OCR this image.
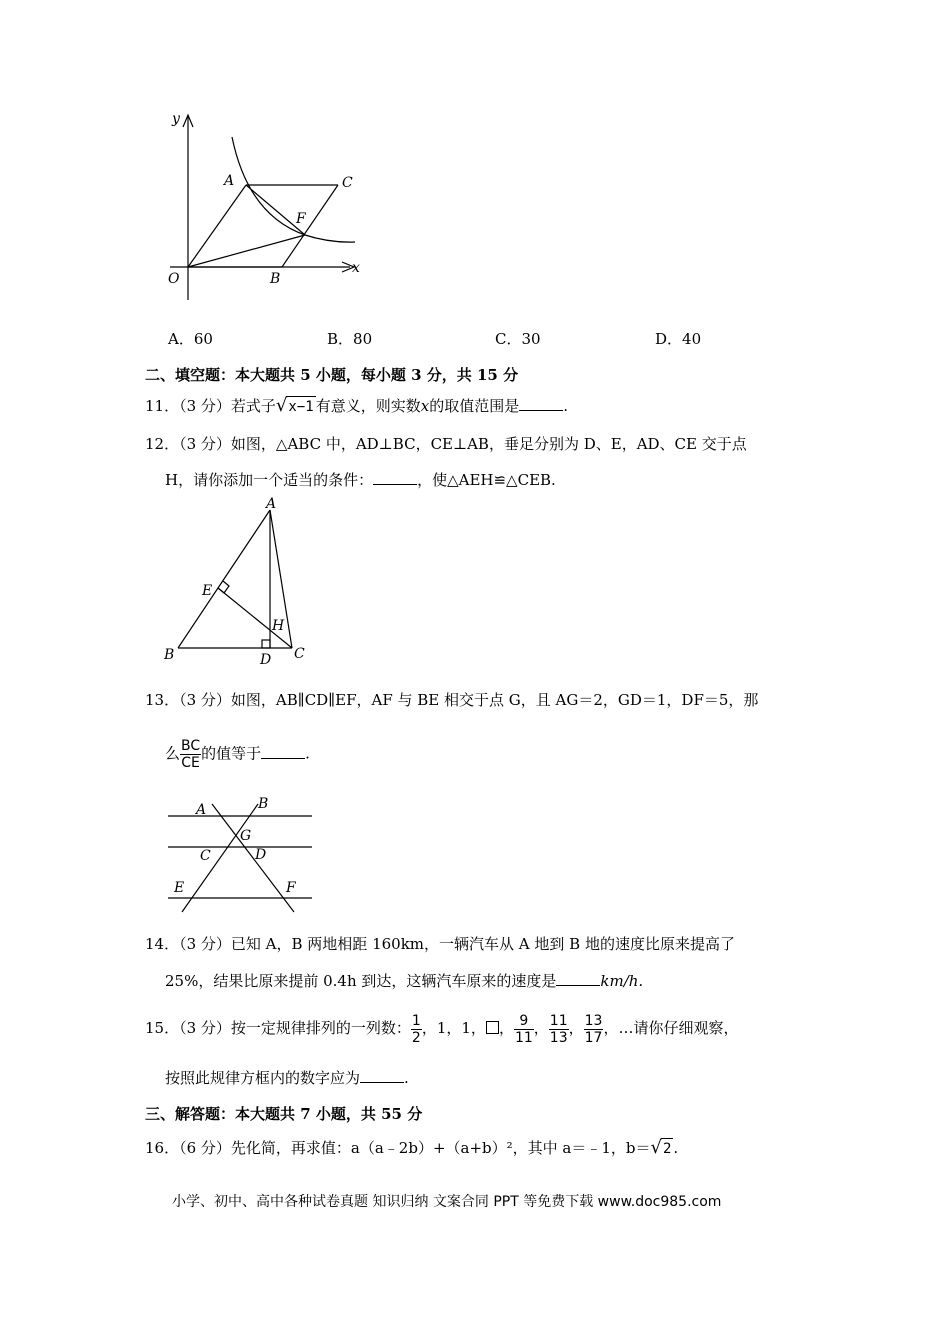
y
x
O
A
B
C
F
A．60	B．80	C．30	D．40
二、填空题：本大题共 5 小题，每小题 3 分，共 15 分
11．（3 分）若式子√x−1 有意义，则实数x的取值范围是	.
12．（3 分）如图，△ABC 中，AD⊥BC，CE⊥AB，垂足分别为 D、E，AD、CE 交于点
H，请你添加一个适当的条件：	，使△AEH≌△CEB.
A
B	C
D
E
H
13．（3 分）如图，AB∥CD∥EF，AF 与 BE 相交于点 G，且 AG＝2，GD＝1，DF＝5，那
么 $\frac{BC}{CE}$ 的值等于	.
A	B
C	D
E	F
G
14．（3 分）已知 A，B 两地相距 160km，一辆汽车从 A 地到 B 地的速度比原来提高了
25%，结果比原来提前 0.4h 到达，这辆汽车原来的速度是	km/h.
15．（3 分）按一定规律排列的一列数： $\frac{1}{2}$ ，1，1， ， $\frac{9}{11}$ ， $\frac{11}{13}$ ， $\frac{13}{17}$ ，…请你仔细观察，
按照此规律方框内的数字应为	.
三、解答题：本大题共 7 小题，共 55 分
16．（6 分）先化简，再求值：a（a﹣2b）+（a+b）²，其中 a＝﹣1，b＝√2 .
小学、初中、高中各种试卷真题 知识归纳 文案合同 PPT 等免费下载 www.doc985.com
